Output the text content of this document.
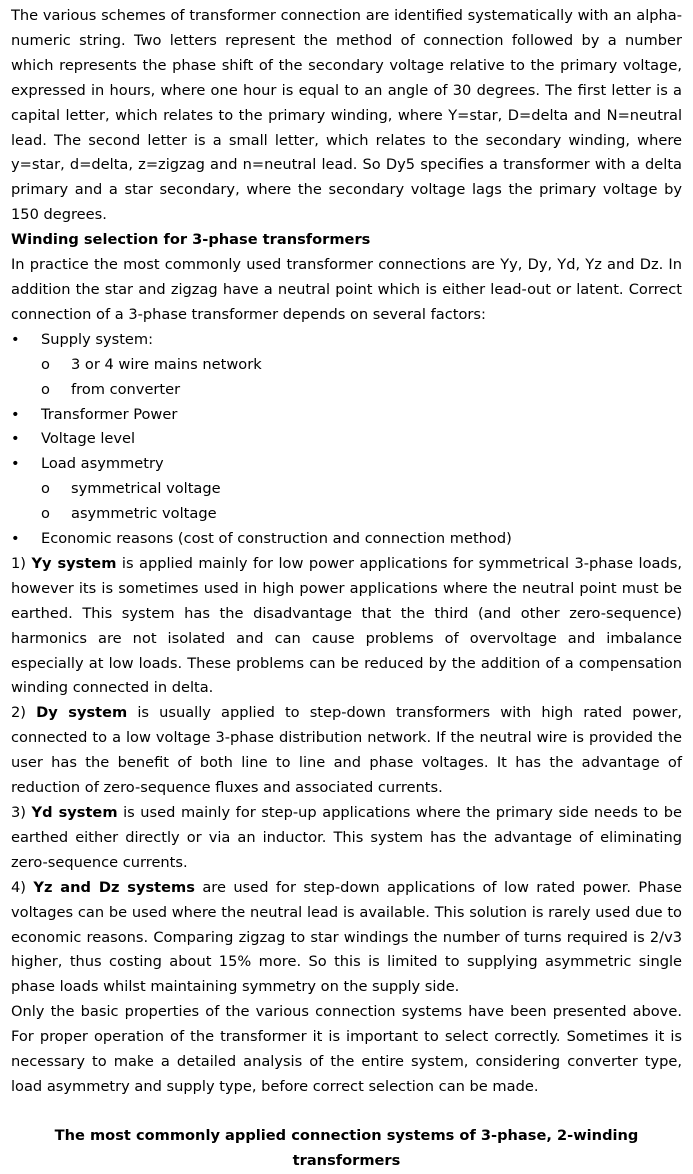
The various schemes of transformer connection are identified systematically with an alpha-numeric string. Two letters represent the method of connection followed by a number which represents the phase shift of the secondary voltage relative to the primary voltage, expressed in hours, where one hour is equal to an angle of 30 degrees. The first letter is a capital letter, which relates to the primary winding, where Y=star, D=delta and N=neutral lead. The second letter is a small letter, which relates to the secondary winding, where y=star, d=delta, z=zigzag and n=neutral lead. So Dy5 specifies a transformer with a delta primary and a star secondary, where the secondary voltage lags the primary voltage by 150 degrees.

Winding selection for 3-phase transformers

In practice the most commonly used transformer connections are Yy, Dy, Yd, Yz and Dz. In addition the star and zigzag have a neutral point which is either lead-out or latent. Correct connection of a 3-phase transformer depends on several factors:

• Supply system:
o 3 or 4 wire mains network
o from converter
• Transformer Power
• Voltage level
• Load asymmetry
o symmetrical voltage
o asymmetric voltage
• Economic reasons (cost of construction and connection method)

1) Yy system is applied mainly for low power applications for symmetrical 3-phase loads, however its is sometimes used in high power applications where the neutral point must be earthed. This system has the disadvantage that the third (and other zero-sequence) harmonics are not isolated and can cause problems of overvoltage and imbalance especially at low loads. These problems can be reduced by the addition of a compensation winding connected in delta.

2) Dy system is usually applied to step-down transformers with high rated power, connected to a low voltage 3-phase distribution network. If the neutral wire is provided the user has the benefit of both line to line and phase voltages. It has the advantage of reduction of zero-sequence fluxes and associated currents.

3) Yd system is used mainly for step-up applications where the primary side needs to be earthed either directly or via an inductor. This system has the advantage of eliminating zero-sequence currents.

4) Yz and Dz systems are used for step-down applications of low rated power. Phase voltages can be used where the neutral lead is available. This solution is rarely used due to economic reasons. Comparing zigzag to star windings the number of turns required is 2/v3 higher, thus costing about 15% more. So this is limited to supplying asymmetric single phase loads whilst maintaining symmetry on the supply side.

Only the basic properties of the various connection systems have been presented above. For proper operation of the transformer it is important to select correctly. Sometimes it is necessary to make a detailed analysis of the entire system, considering converter type, load asymmetry and supply type, before correct selection can be made.

The most commonly applied connection systems of 3-phase, 2-winding transformers
